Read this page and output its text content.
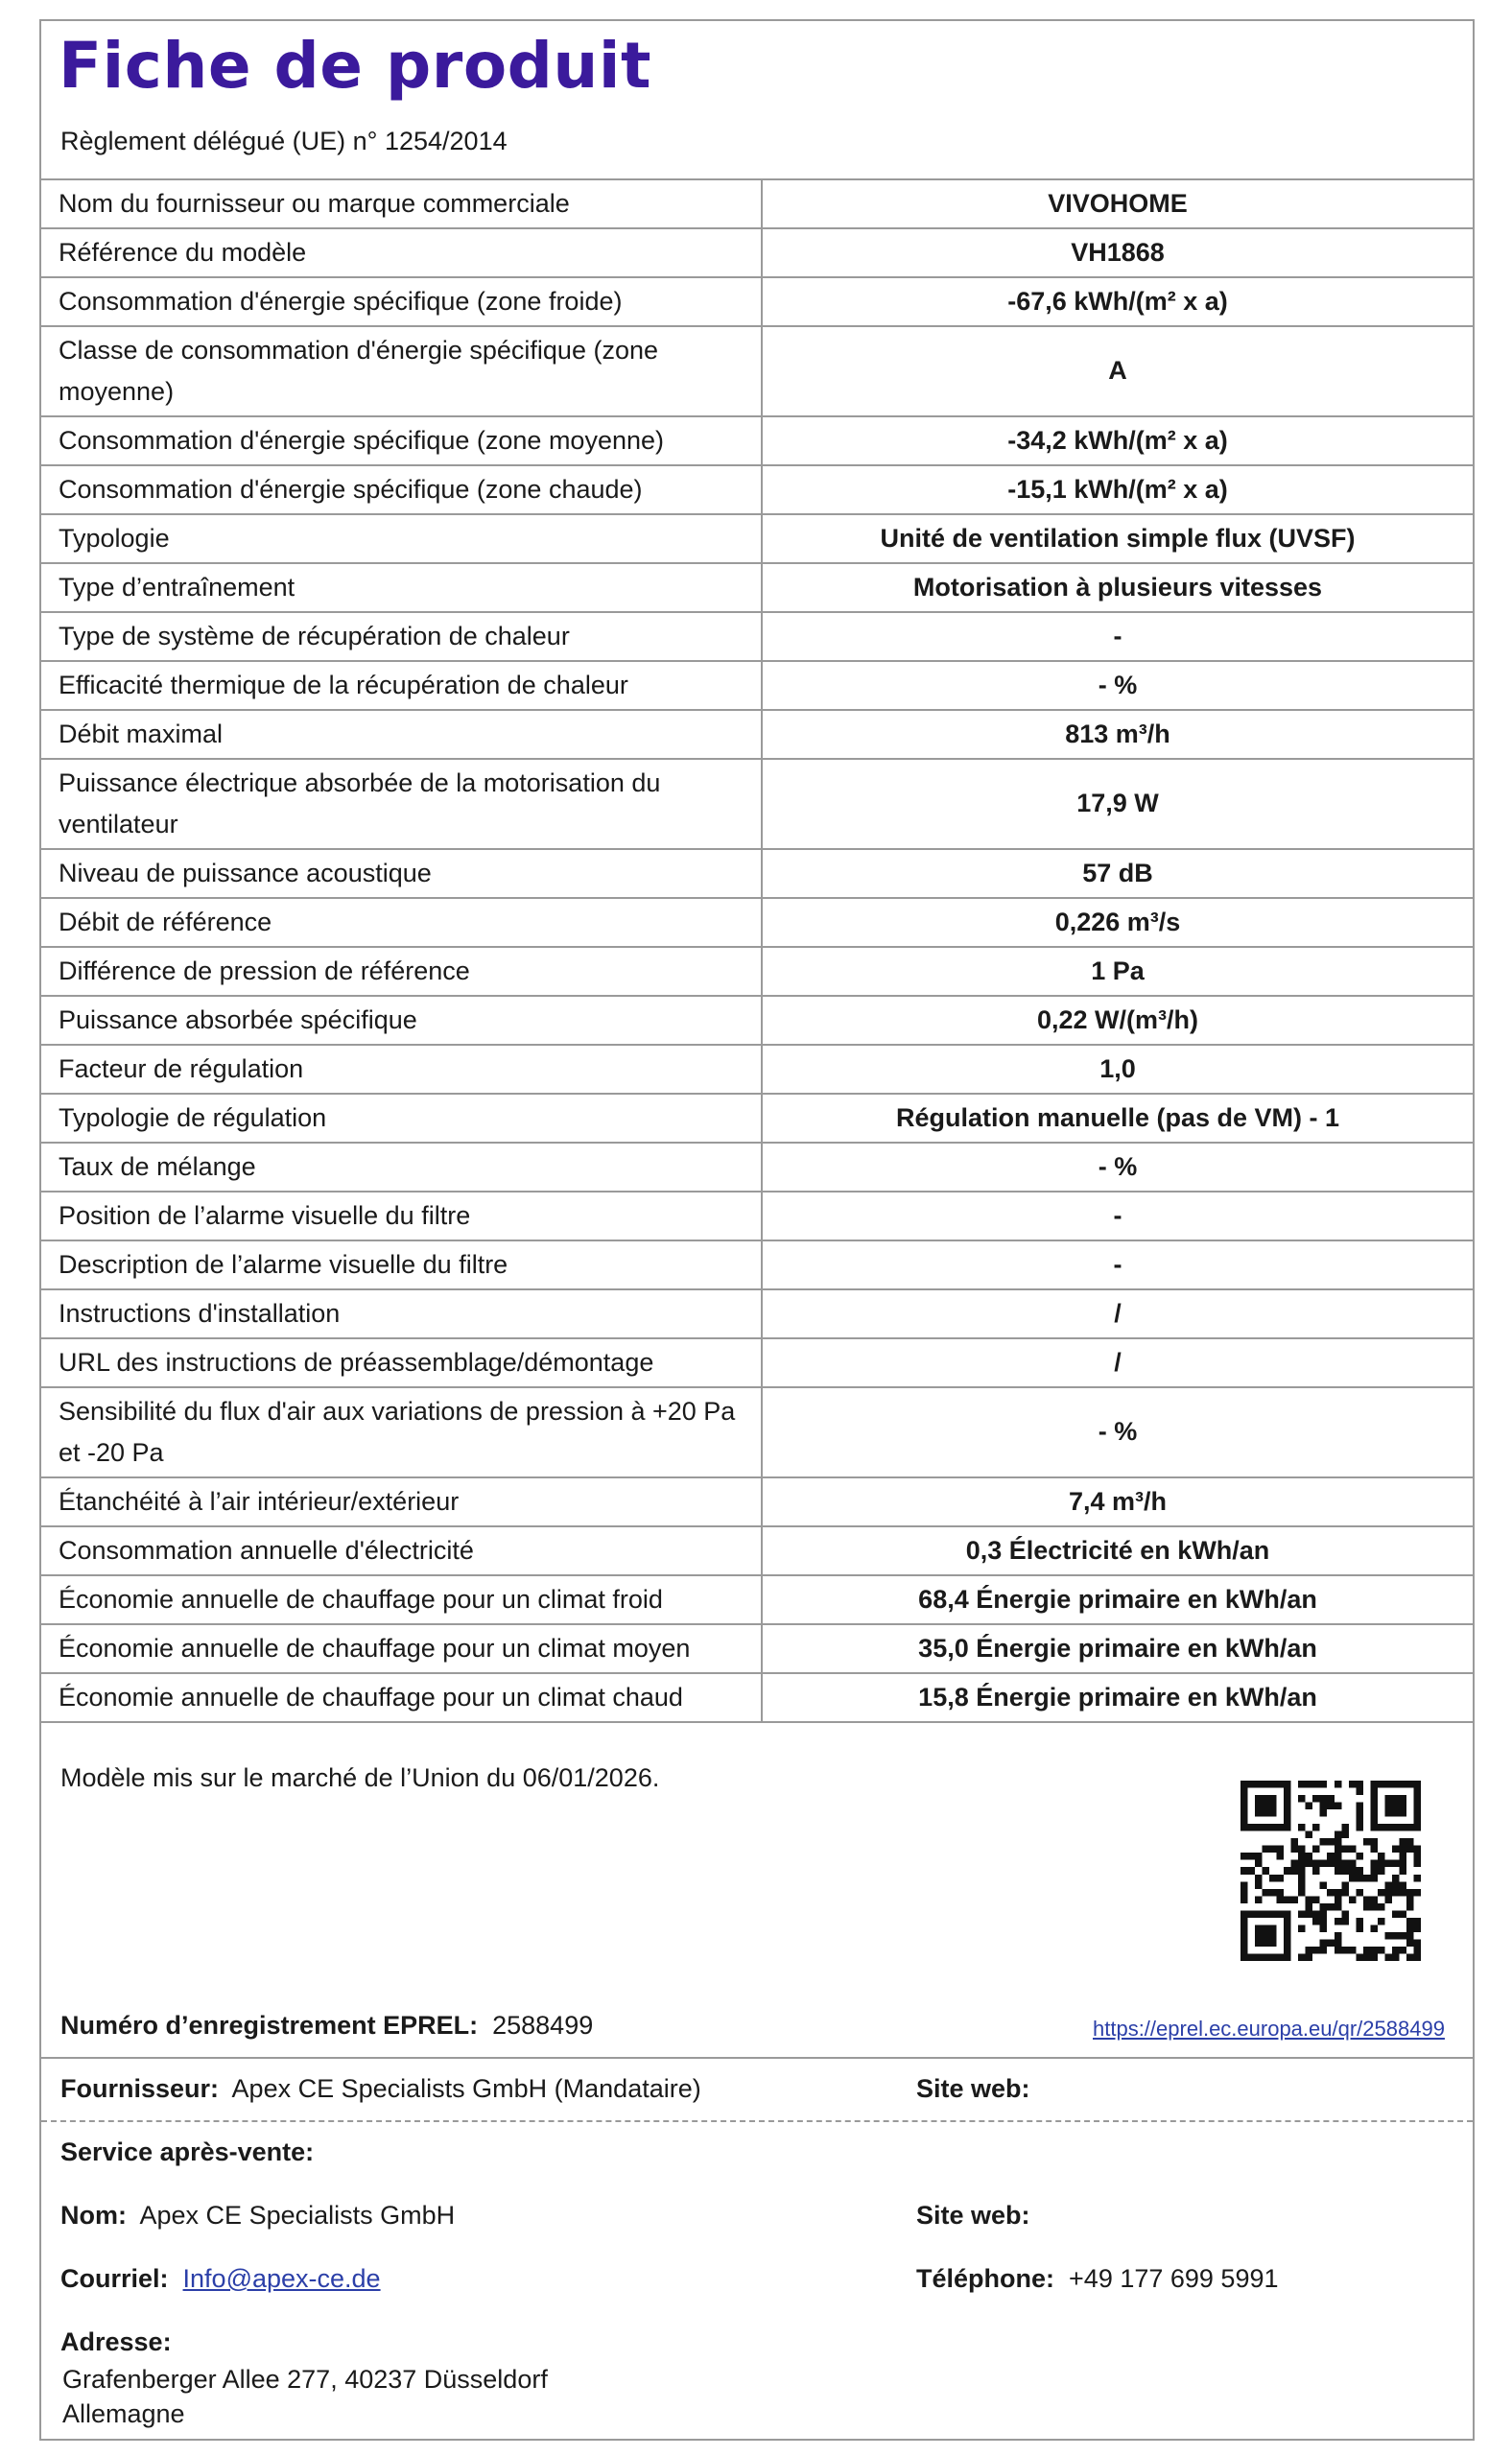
Fiche de produit
Règlement délégué (UE) n° 1254/2014
Nom du fournisseur ou marque commerciale	VIVOHOME
Référence du modèle	VH1868
Consommation d'énergie spécifique (zone froide)	-67,6 kWh/(m² x a)
Classe de consommation d'énergie spécifique (zone moyenne)	A
Consommation d'énergie spécifique (zone moyenne)	-34,2 kWh/(m² x a)
Consommation d'énergie spécifique (zone chaude)	-15,1 kWh/(m² x a)
Typologie	Unité de ventilation simple flux (UVSF)
Type d’entraînement	Motorisation à plusieurs vitesses
Type de système de récupération de chaleur	-
Efficacité thermique de la récupération de chaleur	- %
Débit maximal	813 m³/h
Puissance électrique absorbée de la motorisation du ventilateur	17,9 W
Niveau de puissance acoustique	57 dB
Débit de référence	0,226 m³/s
Différence de pression de référence	1 Pa
Puissance absorbée spécifique	0,22 W/(m³/h)
Facteur de régulation	1,0
Typologie de régulation	Régulation manuelle (pas de VM) - 1
Taux de mélange	- %
Position de l’alarme visuelle du filtre	-
Description de l’alarme visuelle du filtre	-
Instructions d'installation	/
URL des instructions de préassemblage/démontage	/
Sensibilité du flux d'air aux variations de pression à +20 Pa et -20 Pa	- %
Étanchéité à l’air intérieur/extérieur	7,4 m³/h
Consommation annuelle d'électricité	0,3 Électricité en kWh/an
Économie annuelle de chauffage pour un climat froid	68,4 Énergie primaire en kWh/an
Économie annuelle de chauffage pour un climat moyen	35,0 Énergie primaire en kWh/an
Économie annuelle de chauffage pour un climat chaud	15,8 Énergie primaire en kWh/an
Modèle mis sur le marché de l’Union du 06/01/2026.
Numéro d’enregistrement EPREL: 2588499	https://eprel.ec.europa.eu/qr/2588499
Fournisseur: Apex CE Specialists GmbH (Mandataire)	Site web:
Service après-vente:
Nom: Apex CE Specialists GmbH	Site web:
Courriel: Info@apex-ce.de	Téléphone: +49 177 699 5991
Adresse:
Grafenberger Allee 277, 40237 Düsseldorf
Allemagne
